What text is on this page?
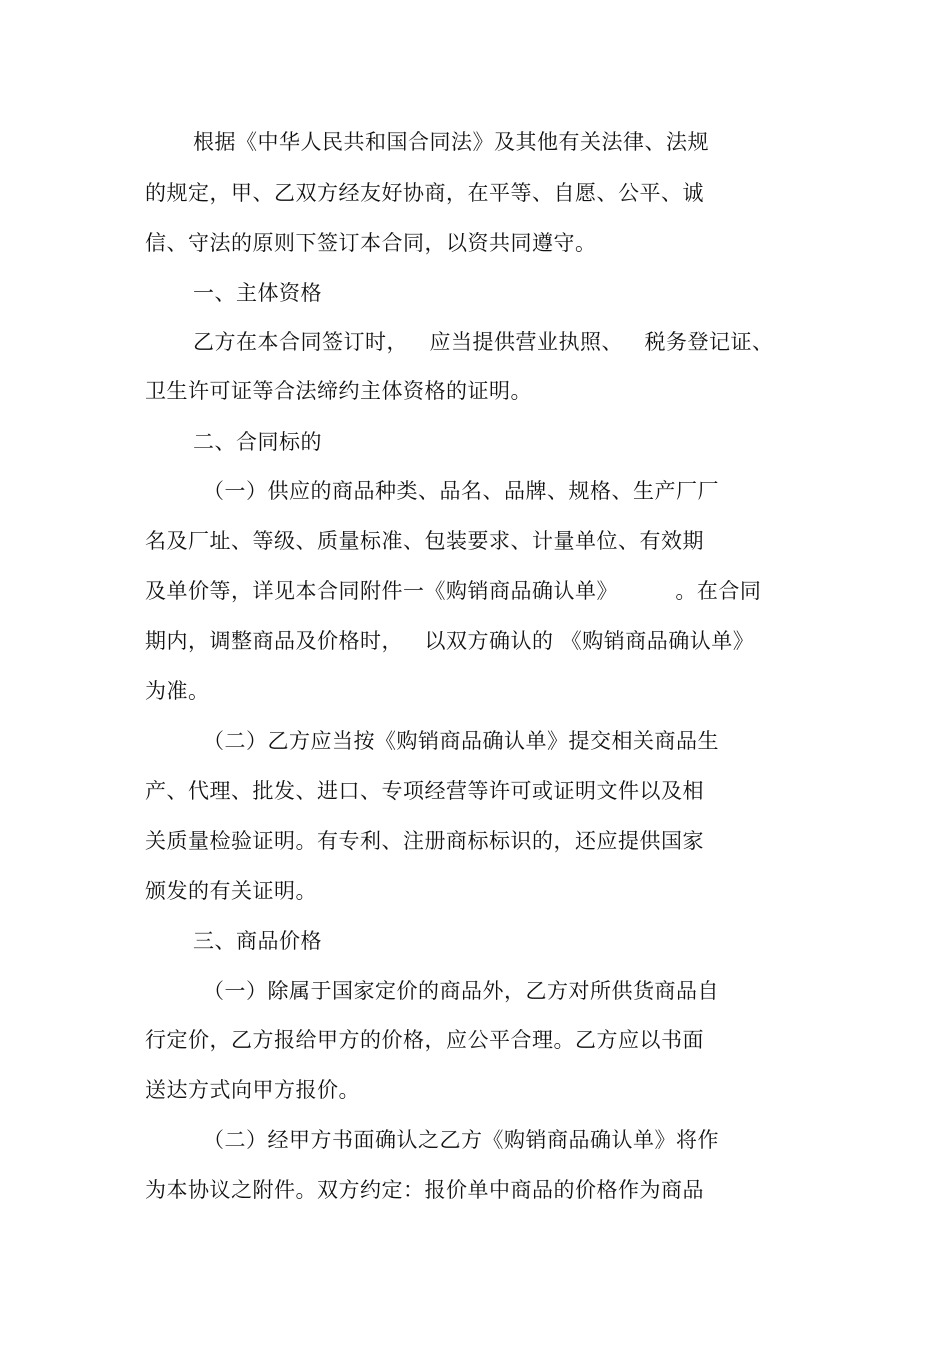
根据《中华人民共和国合同法》及其他有关法律、法规
的规定，甲、乙双方经友好协商，在平等、自愿、公平、诚
信、守法的原则下签订本合同，以资共同遵守。
一、主体资格
乙方在本合同签订时，   应当提供营业执照、   税务登记证、
卫生许可证等合法缔约主体资格的证明。
二、合同标的
（一）供应的商品种类、品名、品牌、规格、生产厂厂
名及厂址、等级、质量标准、包装要求、计量单位、有效期
及单价等，详见本合同附件一《购销商品确认单》        。在合同
期内，调整商品及价格时，   以双方确认的 《购销商品确认单》
为准。
（二）乙方应当按《购销商品确认单》提交相关商品生
产、代理、批发、进口、专项经营等许可或证明文件以及相
关质量检验证明。有专利、注册商标标识的，还应提供国家
颁发的有关证明。
三、商品价格
（一）除属于国家定价的商品外，乙方对所供货商品自
行定价，乙方报给甲方的价格，应公平合理。乙方应以书面
送达方式向甲方报价。
（二）经甲方书面确认之乙方《购销商品确认单》将作
为本协议之附件。双方约定：报价单中商品的价格作为商品
